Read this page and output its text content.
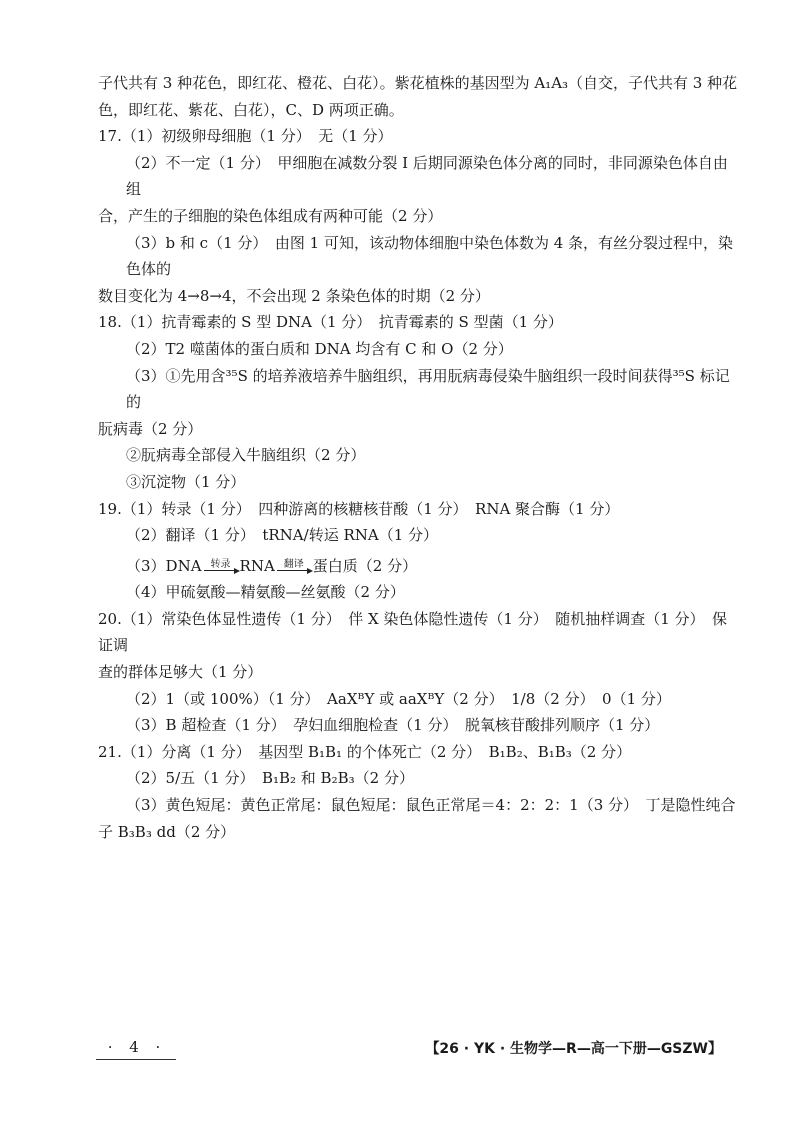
子代共有 3 种花色，即红花、橙花、白花）。紫花植株的基因型为 A₁A₃（自交，子代共有 3 种花

色，即红花、紫花、白花），C、D 两项正确。

17.（1）初级卵母细胞（1 分）　无（1 分）

（2）不一定（1 分）　甲细胞在减数分裂 Ⅰ 后期同源染色体分离的同时，非同源染色体自由组

合，产生的子细胞的染色体组成有两种可能（2 分）

（3）b 和 c（1 分）　由图 1 可知，该动物体细胞中染色体数为 4 条，有丝分裂过程中，染色体的

数目变化为 4→8→4，不会出现 2 条染色体的时期（2 分）

18.（1）抗青霉素的 S 型 DNA（1 分）　抗青霉素的 S 型菌（1 分）

（2）T2 噬菌体的蛋白质和 DNA 均含有 C 和 O（2 分）

（3）①先用含³⁵S 的培养液培养牛脑组织，再用朊病毒侵染牛脑组织一段时间获得³⁵S 标记的

朊病毒（2 分）

②朊病毒全部侵入牛脑组织（2 分）

③沉淀物（1 分）

19.（1）转录（1 分）　四种游离的核糖核苷酸（1 分）　RNA 聚合酶（1 分）

（2）翻译（1 分）　tRNA/转运 RNA（1 分）

（3）DNA 转录 RNA 翻译 蛋白质（2 分）

（4）甲硫氨酸—精氨酸—丝氨酸（2 分）

20.（1）常染色体显性遗传（1 分）　伴 X 染色体隐性遗传（1 分）　随机抽样调查（1 分）　保证调

查的群体足够大（1 分）

（2）1（或 100%）（1 分）　AaXᴮY 或 aaXᴮY（2 分）　1/8（2 分）　0（1 分）

（3）B 超检查（1 分）　孕妇血细胞检查（1 分）　脱氧核苷酸排列顺序（1 分）

21.（1）分离（1 分）　基因型 B₁B₁ 的个体死亡（2 分）　B₁B₂、B₁B₃（2 分）

（2）5/五（1 分）　B₁B₂ 和 B₂B₃（2 分）

（3）黄色短尾：黄色正常尾：鼠色短尾：鼠色正常尾＝4：2：2：1（3 分）　丁是隐性纯合

子 B₃B₃ dd（2 分）

· 4 ·	【26 · YK · 生物学—R—高一下册—GSZW】
